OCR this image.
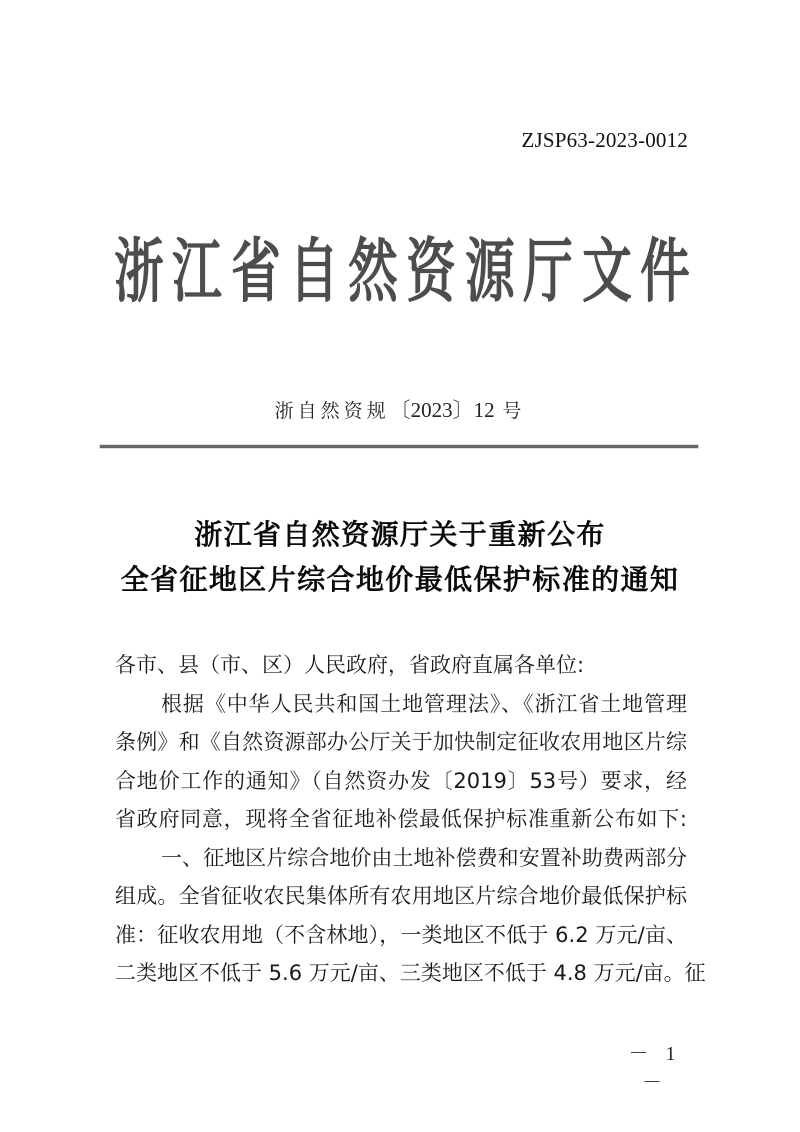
ZJSP63-2023-0012
浙 江 省 自 然 资 源 厅 文 件
浙自然资规〔2023〕12  号
浙江省自然资源厅关于重新公布
全省征地区片综合地价最低保护标准的通知
各市、县（市、区）人民政府，省政府直属各单位:
根据《中华人民共和国土地管理法》、《浙江省土地管理
条例》和《自然资源部办公厅关于加快制定征收农用地区片综
合地价工作的通知》（自然资办发〔2019〕53号）要求，经
省政府同意，现将全省征地补偿最低保护标准重新公布如下:
一、征地区片综合地价由土地补偿费和安置补助费两部分
组成。全省征收农民集体所有农用地区片综合地价最低保护标
准：征收农用地（不含林地），一类地区不低于 6.2 万元/亩、
二类地区不低于 5.6 万元/亩、三类地区不低于 4.8 万元/亩。征
－ 1 －
